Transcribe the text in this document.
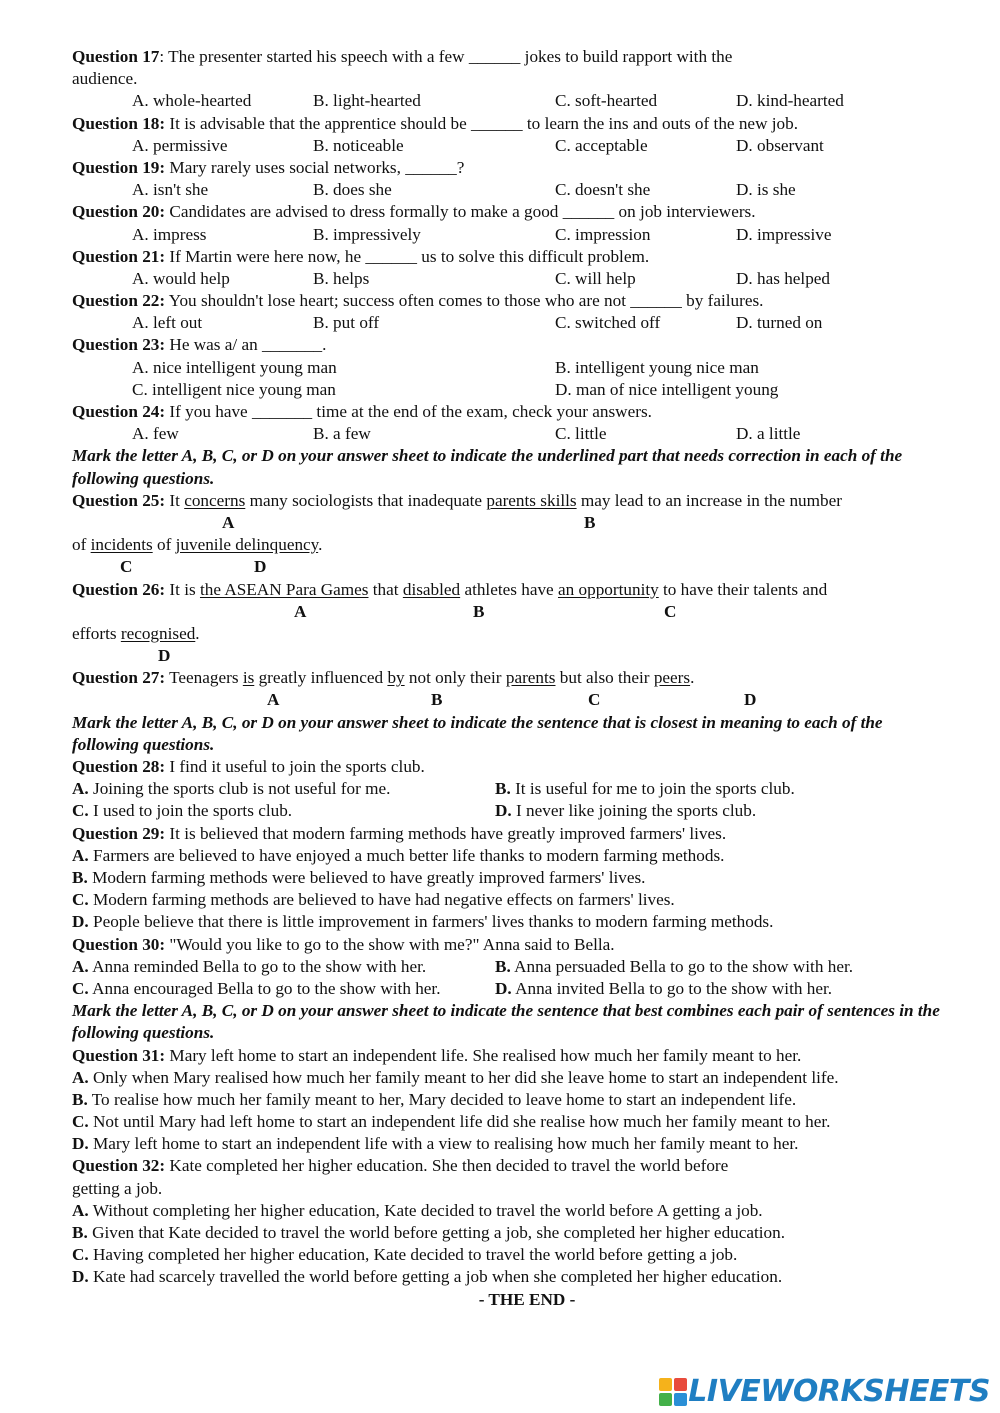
Question 17: The presenter started his speech with a few ______ jokes to build rapport with the
audience.
A. whole-hearted	B. light-hearted	C. soft-hearted	D. kind-hearted
Question 18: It is advisable that the apprentice should be ______ to learn the ins and outs of the new job.
A. permissive	B. noticeable	C. acceptable	D. observant
Question 19: Mary rarely uses social networks, ______?
A. isn't she	B. does she	C. doesn't she	D. is she
Question 20: Candidates are advised to dress formally to make a good ______ on job interviewers.
A. impress	B. impressively	C. impression	D. impressive
Question 21: If Martin were here now, he ______ us to solve this difficult problem.
A. would help	B. helps	C. will help	D. has helped
Question 22: You shouldn't lose heart; success often comes to those who are not ______ by failures.
A. left out	B. put off	C. switched off	D. turned on
Question 23: He was a/ an _______.
A. nice intelligent young man	B. intelligent young nice man
C. intelligent nice young man	D. man of nice intelligent young
Question 24: If you have _______ time at the end of the exam, check your answers.
A. few	B. a few	C. little	D. a little
Mark the letter A, B, C, or D on your answer sheet to indicate the underlined part that needs correction in each of the following questions.
Question 25: It concerns many sociologists that inadequate parents skills may lead to an increase in the number
A	B
of incidents of juvenile delinquency.
C	D
Question 26: It is the ASEAN Para Games that disabled athletes have an opportunity to have their talents and
A	B	C
efforts recognised.
D
Question 27: Teenagers is greatly influenced by not only their parents but also their peers.
A	B	C	D
Mark the letter A, B, C, or D on your answer sheet to indicate the sentence that is closest in meaning to each of the following questions.
Question 28: I find it useful to join the sports club.
A. Joining the sports club is not useful for me.	B. It is useful for me to join the sports club.
C. I used to join the sports club.	D. I never like joining the sports club.
Question 29: It is believed that modern farming methods have greatly improved farmers' lives.
A. Farmers are believed to have enjoyed a much better life thanks to modern farming methods.
B. Modern farming methods were believed to have greatly improved farmers' lives.
C. Modern farming methods are believed to have had negative effects on farmers' lives.
D. People believe that there is little improvement in farmers' lives thanks to modern farming methods.
Question 30: "Would you like to go to the show with me?" Anna said to Bella.
A. Anna reminded Bella to go to the show with her.	B. Anna persuaded Bella to go to the show with her.
C. Anna encouraged Bella to go to the show with her.	D. Anna invited Bella to go to the show with her.
Mark the letter A, B, C, or D on your answer sheet to indicate the sentence that best combines each pair of sentences in the following questions.
Question 31: Mary left home to start an independent life. She realised how much her family meant to her.
A. Only when Mary realised how much her family meant to her did she leave home to start an independent life.
B. To realise how much her family meant to her, Mary decided to leave home to start an independent life.
C. Not until Mary had left home to start an independent life did she realise how much her family meant to her.
D. Mary left home to start an independent life with a view to realising how much her family meant to her.
Question 32: Kate completed her higher education. She then decided to travel the world before
getting a job.
A. Without completing her higher education, Kate decided to travel the world before A getting a job.
B. Given that Kate decided to travel the world before getting a job, she completed her higher education.
C. Having completed her higher education, Kate decided to travel the world before getting a job.
D. Kate had scarcely travelled the world before getting a job when she completed her higher education.
- THE END -
LIVEWORKSHEETS
